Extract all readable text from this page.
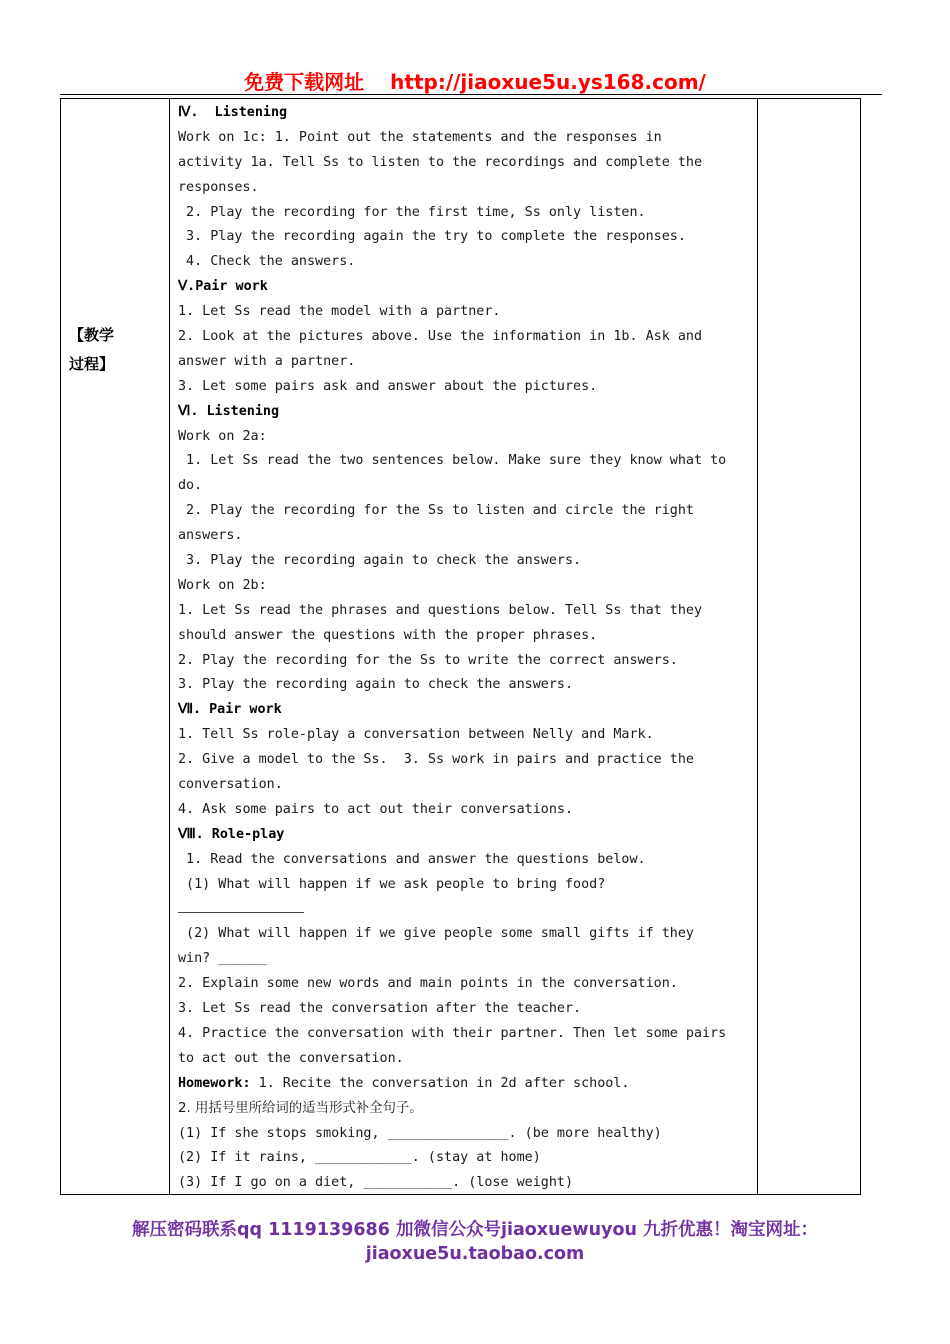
免费下载网址 http://jiaoxue5u.ys168.com/
【教学
过程】
Ⅳ.  Listening
Work on 1c: 1. Point out the statements and the responses in
activity 1a. Tell Ss to listen to the recordings and complete the
responses.
2. Play the recording for the first time, Ss only listen.
3. Play the recording again the try to complete the responses.
4. Check the answers.
Ⅴ.Pair work
1. Let Ss read the model with a partner.
2. Look at the pictures above. Use the information in 1b. Ask and
answer with a partner.
3. Let some pairs ask and answer about the pictures.
Ⅵ. Listening
Work on 2a:
1. Let Ss read the two sentences below. Make sure they know what to
do.
2. Play the recording for the Ss to listen and circle the right
answers.
3. Play the recording again to check the answers.
Work on 2b:
1. Let Ss read the phrases and questions below. Tell Ss that they
should answer the questions with the proper phrases.
2. Play the recording for the Ss to write the correct answers.
3. Play the recording again to check the answers.
Ⅶ. Pair work
1. Tell Ss role-play a conversation between Nelly and Mark.
2. Give a model to the Ss.  3. Ss work in pairs and practice the
conversation.
4. Ask some pairs to act out their conversations.
Ⅷ. Role-play
1. Read the conversations and answer the questions below.
(1) What will happen if we ask people to bring food?
(2) What will happen if we give people some small gifts if they
win? ______
2. Explain some new words and main points in the conversation.
3. Let Ss read the conversation after the teacher.
4. Practice the conversation with their partner. Then let some pairs
to act out the conversation.
Homework: 1. Recite the conversation in 2d after school.
2. 用括号里所给词的适当形式补全句子。
(1) If she stops smoking, _______________. (be more healthy)
(2) If it rains, ____________. (stay at home)
(3) If I go on a diet, ___________. (lose weight)
解压密码联系qq 1119139686 加微信公众号jiaoxuewuyou 九折优惠！淘宝网址：
jiaoxue5u.taobao.com
